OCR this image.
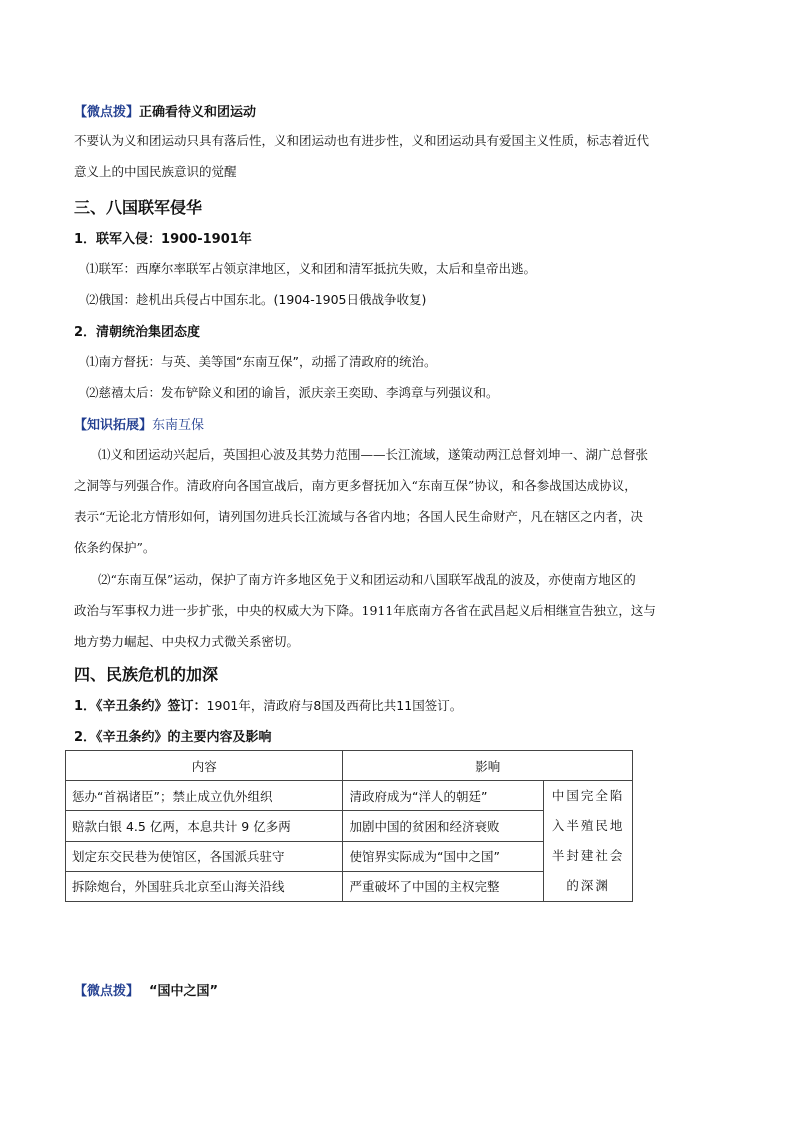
【微点拨】正确看待义和团运动
不要认为义和团运动只具有落后性，义和团运动也有进步性，义和团运动具有爱国主义性质，标志着近代
意义上的中国民族意识的觉醒
三、八国联军侵华
1．联军入侵：1900-1901年
⑴联军：西摩尔率联军占领京津地区，义和团和清军抵抗失败，太后和皇帝出逃。
⑵俄国：趁机出兵侵占中国东北。(1904-1905日俄战争收复)
2．清朝统治集团态度
⑴南方督抚：与英、美等国“东南互保”，动摇了清政府的统治。
⑵慈禧太后：发布铲除义和团的谕旨，派庆亲王奕劻、李鸿章与列强议和。
【知识拓展】东南互保
⑴义和团运动兴起后，英国担心波及其势力范围——长江流域，遂策动两江总督刘坤一、湖广总督张
之洞等与列强合作。清政府向各国宣战后，南方更多督抚加入“东南互保”协议，和各参战国达成协议，
表示“无论北方情形如何，请列国勿进兵长江流域与各省内地；各国人民生命财产，凡在辖区之内者，决
依条约保护”。
⑵“东南互保”运动，保护了南方许多地区免于义和团运动和八国联军战乱的波及，亦使南方地区的
政治与军事权力进一步扩张，中央的权威大为下降。1911年底南方各省在武昌起义后相继宣告独立，这与
地方势力崛起、中央权力式微关系密切。
四、民族危机的加深
1．《辛丑条约》签订：1901年，清政府与8国及西荷比共11国签订。
2．《辛丑条约》的主要内容及影响
内容	影响	
惩办“首祸诸臣”；禁止成立仇外组织	清政府成为“洋人的朝廷”	中国完全陷入半殖民地半封建社会的深渊
赔款白银 4.5 亿两，本息共计 9 亿多两	加剧中国的贫困和经济衰败	
划定东交民巷为使馆区，各国派兵驻守	使馆界实际成为“国中之国”	
拆除炮台，外国驻兵北京至山海关沿线	严重破坏了中国的主权完整	
【微点拨】 “国中之国”
